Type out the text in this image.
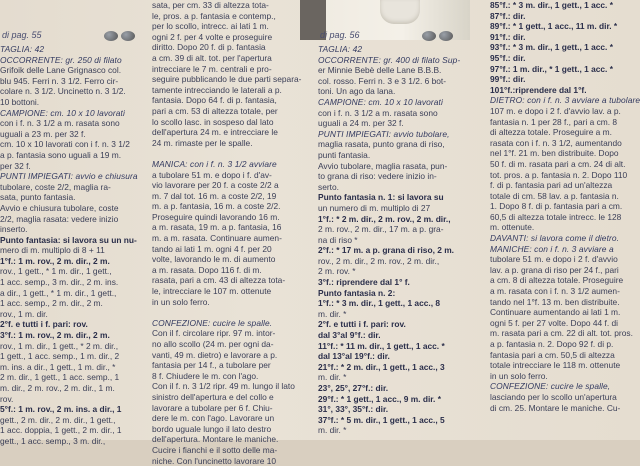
di pag. 55	di pag. 56
TAGLIA: 42
OCCORRENTE: gr. 250 di filato
Grifoik delle Lane Grignasco col.
blu 945. Ferri n. 3 1/2. Ferro cir-
colare n. 3 1/2. Uncinetto n. 3 1/2.
10 bottoni.
CAMPIONE: cm. 10 x 10 lavorati
con i f. n. 3 1/2 a m. rasata sono
uguali a 23 m. per 32 f.
cm. 10 x 10 lavorati con i f. n. 3 1/2
a p. fantasia sono uguali a 19 m.
per 32 f.
PUNTI IMPIEGATI: avvio e chiusura
tubolare, coste 2/2, maglia ra-
sata, punto fantasia.
Avvio e chiusura tubolare, coste
2/2, maglia rasata: vedere inizio
inserto.
Punto fantasia: si lavora su un nu-
mero di m. multiplo di 8 + 11
1°f.: 1 m. rov., 2 m. dir., 2 m.
rov., 1 gett., * 1 m. dir., 1 gett.,
1 acc. semp., 3 m. dir., 2 m. ins.
a dir., 1 gett., * 1 m. dir., 1 gett.,
1 acc. semp., 2 m. dir., 2 m.
rov., 1 m. dir.
2°f. e tutti i f. pari: rov.
3°f.: 1 m. rov., 2 m. dir., 2 m.
rov., 1 m. dir., 1 gett., * 2 m. dir.,
1 gett., 1 acc. semp., 1 m. dir., 2
m. ins. a dir., 1 gett., 1 m. dir., *
2 m. dir., 1 gett., 1 acc. semp., 1
m. dir., 2 m. rov., 2 m. dir., 1 m.
rov.
5°f.: 1 m. rov., 2 m. ins. a dir., 1
gett., 2 m. dir., 2 m. dir., 1 gett.,
1 acc. doppia, 1 gett., 2 m. dir., 1
gett., 1 acc. semp., 3 m. dir.,
sata, per cm. 33 di altezza tota-
le, pros. a p. fantasia e contemp.,
per lo scollo, intrecc. ai lati 1 m.
ogni 2 f. per 4 volte e proseguire
diritto. Dopo 20 f. di p. fantasia
a cm. 39 di alt. tot. per l'apertura
intrecciare le 7 m. centrali e pro-
seguire pubblicando le due parti separa-
tamente intrecciando le laterali a p.
fantasia. Dopo 64 f. di p. fantasia,
pari a cm. 53 di altezza totale, per
lo scollo lasc. in sospeso dal lato
dell'apertura 24 m. e intrecciare le
24 m. rimaste per le spalle.

MANICA: con i f. n. 3 1/2 avviare
a tubolare 51 m. e dopo i f. d'av-
vio lavorare per 20 f. a coste 2/2 a
m. 7 dal tot. 16 m. a coste 2/2, 19
m. a p. fantasia, 16 m. a coste 2/2.
Proseguire quindi lavorando 16 m.
a m. rasata, 19 m. a p. fantasia, 16
m. a m. rasata. Continuare aumen-
tando ai lati 1 m. ogni 4 f. per 20
volte, lavorando le m. di aumento
a m. rasata. Dopo 116 f. di m.
rasata, pari a cm. 43 di altezza tota-
le, intrecciare le 107 m. ottenute
in un solo ferro.

CONFEZIONE: cucire le spalle.
Con il f. circolare ripr. 97 m. intor-
no allo scollo (24 m. per ogni da-
vanti, 49 m. dietro) e lavorare a p.
fantasia per 14 f., a tubolare per
8 f. Chiudere le m. con l'ago.
Con il f. n. 3 1/2 ripr. 49 m. lungo il lato
sinistro dell'apertura e del collo e
lavorare a tubolare per 6 f. Chiu-
dere le m. con l'ago. Lavorare un
bordo uguale lungo il lato destro
dell'apertura. Montare le maniche.
Cucire i fianchi e il sotto delle ma-
niche. Con l'uncinetto lavorare 10
TAGLIA: 42
OCCORRENTE: gr. 400 di filato Sup-
er Minnie Bebè delle Lane B.B.B.
col. rosso. Ferri n. 3 e 3 1/2. 6 bot-
toni. Un ago da lana.
CAMPIONE: cm. 10 x 10 lavorati
con i f. n. 3 1/2 a m. rasata sono
uguali a 24 m. per 32 f.
PUNTI IMPIEGATI: avvio tubolare,
maglia rasata, punto grana di riso,
punti fantasia.
Avvio tubolare, maglia rasata, pun-
to grana di riso: vedere inizio in-
serto.
Punto fantasia n. 1: si lavora su
un numero di m. multiplo di 27
1°f.: * 2 m. dir., 2 m. rov., 2 m. dir.,
2 m. rov., 2 m. dir., 17 m. a p. gra-
na di riso *
2°f.: * 17 m. a p. grana di riso, 2 m.
rov., 2 m. dir., 2 m. rov., 2 m. dir.,
2 m. rov. *
3°f.: riprendere dal 1° f.
Punto fantasia n. 2:
1°f.: * 3 m. dir., 1 gett., 1 acc., 8
m. dir. *
2°f. e tutti i f. pari: rov.
dal 3°al 9°f.: dir.
11°f.: * 11 m. dir., 1 gett., 1 acc. *
dal 13°al 19°f.: dir.
21°f.: * 2 m. dir., 1 gett., 1 acc., 3
m. dir. *
23°, 25°, 27°f.: dir.
29°f.: * 1 gett., 1 acc., 9 m. dir. *
31°, 33°, 35°f.: dir.
37°f.: * 5 m. dir., 1 gett., 1 acc., 5
m. dir. *
85°f.: * 3 m. dir., 1 gett., 1 acc. *
87°f.: dir.
89°f.: * 1 gett., 1 acc., 11 m. dir. *
91°f.: dir.
93°f.: * 3 m. dir., 1 gett., 1 acc. *
95°f.: dir.
97°f.: 1 m. dir., * 1 gett., 1 acc. *
99°f.: dir.
101°f.:riprendere dal 1°f.
DIETRO: con i f. n. 3 avviare a tubolare
107 m. e dopo i 2 f. d'avvio lav. a p.
fantasia n. 1 per 28 f., pari a cm. 8
di altezza totale. Proseguire a m.
rasata con i f. n. 3 1/2, aumentando
nel 1°f. 21 m. ben distribuite. Dopo
50 f. di m. rasata pari a cm. 24 di alt.
tot. pros. a p. fantasia n. 2. Dopo 110
f. di p. fantasia pari ad un'altezza
totale di cm. 58 lav. a p. fantasia n.
1. Dopo 8 f. di p. fantasia pari a cm.
60,5 di altezza totale intrecc. le 128
m. ottenute.
DAVANTI: si lavora come il dietro.
MANICHE: con i f. n. 3 avviare a
tubolare 51 m. e dopo i 2 f. d'avvio
lav. a p. grana di riso per 24 f., pari
a cm. 8 di altezza totale. Proseguire
a m. rasata con i f. n. 3 1/2 aumen-
tando nel 1°f. 13 m. ben distribuite.
Continuare aumentando ai lati 1 m.
ogni 5 f. per 27 volte. Dopo 44 f. di
m. rasata pari a cm. 22 di alt. tot. pros.
a p. fantasia n. 2. Dopo 92 f. di p.
fantasia pari a cm. 50,5 di altezza
totale intrecciare le 118 m. ottenute
in un solo ferro.
CONFEZIONE: cucire le spalle,
lasciando per lo scollo un'apertura
di cm. 25. Montare le maniche. Cu-
